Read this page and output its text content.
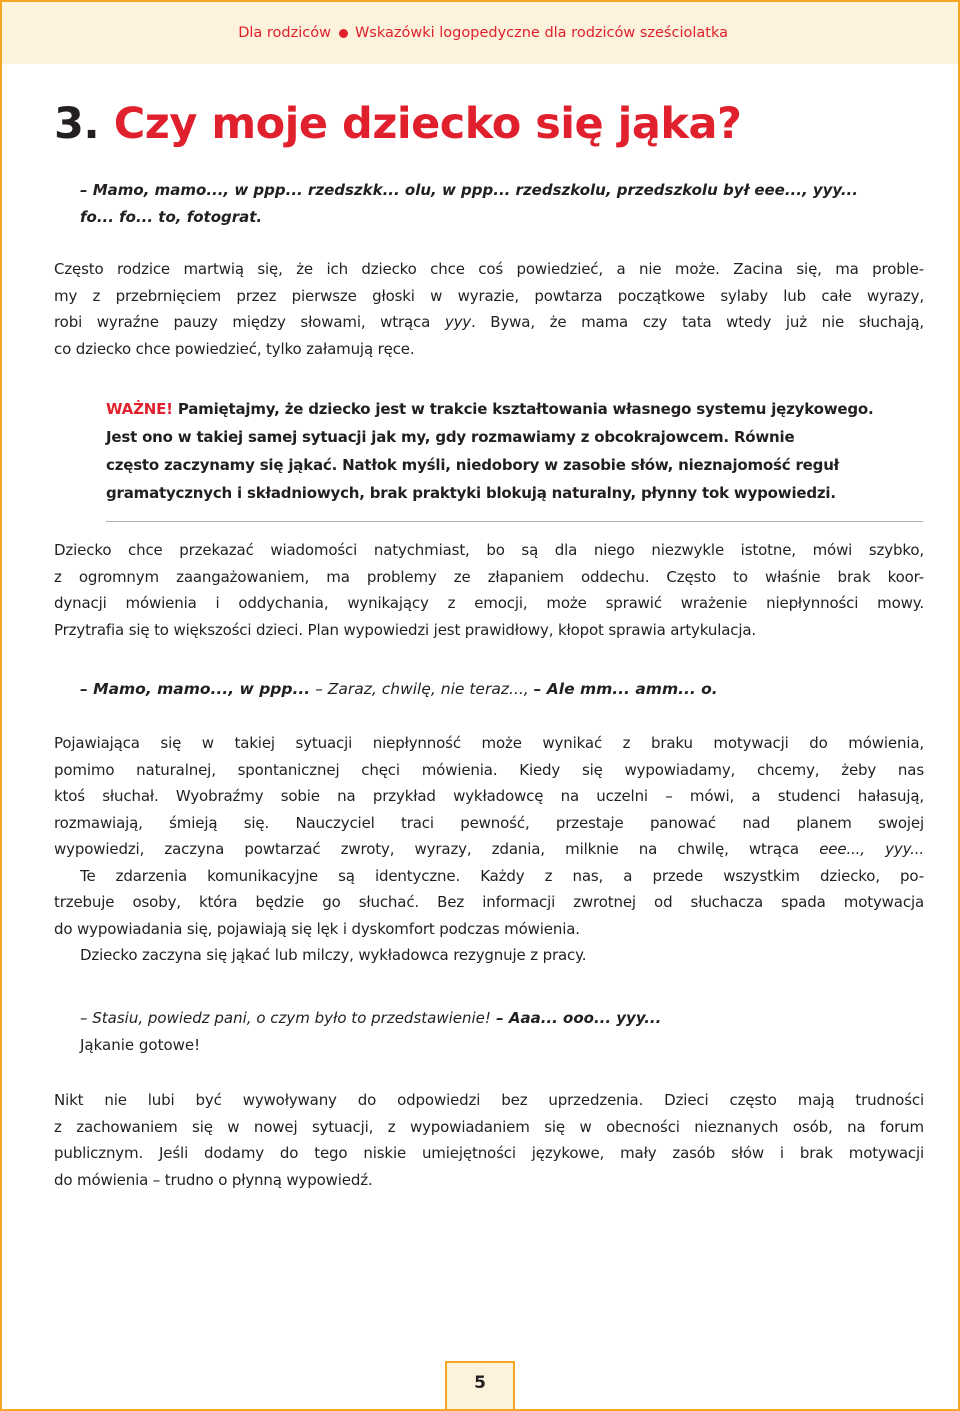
Dla rodziców Wskazówki logopedyczne dla rodziców sześciolatka
3. Czy moje dziecko się jąka?
– Mamo, mamo..., w ppp... rzedszkk... olu, w ppp... rzedszkolu, przedszkolu był eee..., yyy...
fo... fo... to, fotograt.
Często rodzice martwią się, że ich dziecko chce coś powiedzieć, a nie może. Zacina się, ma proble-
my z przebrnięciem przez pierwsze głoski w wyrazie, powtarza początkowe sylaby lub całe wyrazy,
robi wyraźne pauzy między słowami, wtrąca yyy. Bywa, że mama czy tata wtedy już nie słuchają,
co dziecko chce powiedzieć, tylko załamują ręce.
WAŻNE! Pamiętajmy, że dziecko jest w trakcie kształtowania własnego systemu językowego.
Jest ono w takiej samej sytuacji jak my, gdy rozmawiamy z obcokrajowcem. Równie
często zaczynamy się jąkać. Natłok myśli, niedobory w zasobie słów, nieznajomość reguł
gramatycznych i składniowych, brak praktyki blokują naturalny, płynny tok wypowiedzi.
Dziecko chce przekazać wiadomości natychmiast, bo są dla niego niezwykle istotne, mówi szybko,
z ogromnym zaangażowaniem, ma problemy ze złapaniem oddechu. Często to właśnie brak koor-
dynacji mówienia i oddychania, wynikający z emocji, może sprawić wrażenie niepłynności mowy.
Przytrafia się to większości dzieci. Plan wypowiedzi jest prawidłowy, kłopot sprawia artykulacja.
– Mamo, mamo..., w ppp... – Zaraz, chwilę, nie teraz..., – Ale mm... amm... o.
Pojawiająca się w takiej sytuacji niepłynność może wynikać z braku motywacji do mówienia,
pomimo naturalnej, spontanicznej chęci mówienia. Kiedy się wypowiadamy, chcemy, żeby nas
ktoś słuchał. Wyobraźmy sobie na przykład wykładowcę na uczelni – mówi, a studenci hałasują,
rozmawiają, śmieją się. Nauczyciel traci pewność, przestaje panować nad planem swojej
wypowiedzi, zaczyna powtarzać zwroty, wyrazy, zdania, milknie na chwilę, wtrąca eee..., yyy...
Te zdarzenia komunikacyjne są identyczne. Każdy z nas, a przede wszystkim dziecko, po-
trzebuje osoby, która będzie go słuchać. Bez informacji zwrotnej od słuchacza spada motywacja
do wypowiadania się, pojawiają się lęk i dyskomfort podczas mówienia.
Dziecko zaczyna się jąkać lub milczy, wykładowca rezygnuje z pracy.
– Stasiu, powiedz pani, o czym było to przedstawienie! – Aaa... ooo... yyy...
Jąkanie gotowe!
Nikt nie lubi być wywoływany do odpowiedzi bez uprzedzenia. Dzieci często mają trudności
z zachowaniem się w nowej sytuacji, z wypowiadaniem się w obecności nieznanych osób, na forum
publicznym. Jeśli dodamy do tego niskie umiejętności językowe, mały zasób słów i brak motywacji
do mówienia – trudno o płynną wypowiedź.
5
